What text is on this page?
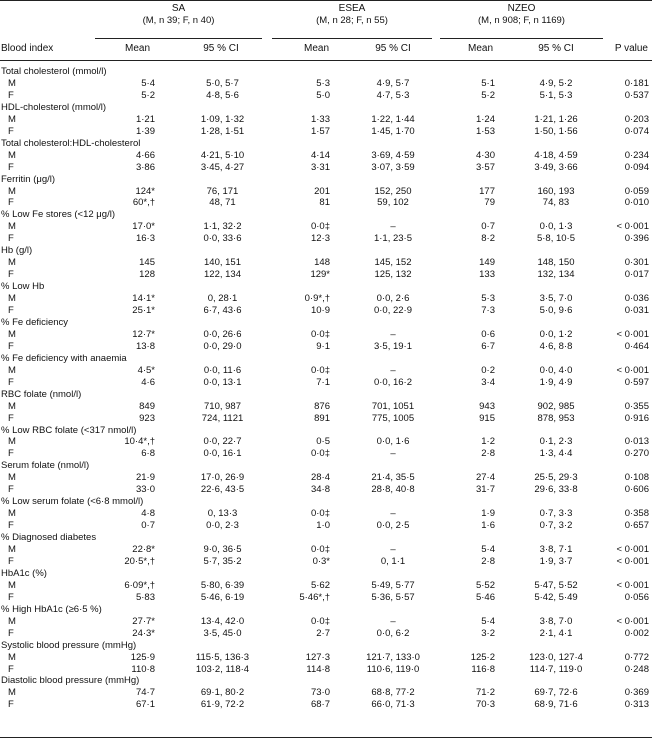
SA
(M, n 39; F, n 40)
ESEA
(M, n 28; F, n 55)
NZEO
(M, n 908; F, n 1169)
Blood index	Mean	95 % CI	Mean	95 % CI	Mean	95 % CI	P value
Total cholesterol (mmol/l)
M	5·4	5·0, 5·7	5·3	4·9, 5·7	5·1	4·9, 5·2	0·181
F	5·2	4·8, 5·6	5·0	4·7, 5·3	5·2	5·1, 5·3	0·537
HDL-cholesterol (mmol/l)
M	1·21	1·09, 1·32	1·33	1·22, 1·44	1·24	1·21, 1·26	0·203
F	1·39	1·28, 1·51	1·57	1·45, 1·70	1·53	1·50, 1·56	0·074
Total cholesterol:HDL-cholesterol
M	4·66	4·21, 5·10	4·14	3·69, 4·59	4·30	4·18, 4·59	0·234
F	3·86	3·45, 4·27	3·31	3·07, 3·59	3·57	3·49, 3·66	0·094
Ferritin (μg/l)
M	124*	76, 171	201	152, 250	177	160, 193	0·059
F	60*,†	48, 71	81	59, 102	79	74, 83	0·010
% Low Fe stores (<12 μg/l)
M	17·0*	1·1, 32·2	0·0‡	–	0·7	0·0, 1·3	< 0·001
F	16·3	0·0, 33·6	12·3	1·1, 23·5	8·2	5·8, 10·5	0·396
Hb (g/l)
M	145	140, 151	148	145, 152	149	148, 150	0·301
F	128	122, 134	129*	125, 132	133	132, 134	0·017
% Low Hb
M	14·1*	0, 28·1	0·9*,†	0·0, 2·6	5·3	3·5, 7·0	0·036
F	25·1*	6·7, 43·6	10·9	0·0, 22·9	7·3	5·0, 9·6	0·031
% Fe deficiency
M	12·7*	0·0, 26·6	0·0‡	–	0·6	0·0, 1·2	< 0·001
F	13·8	0·0, 29·0	9·1	3·5, 19·1	6·7	4·6, 8·8	0·464
% Fe deficiency with anaemia
M	4·5*	0·0, 11·6	0·0‡	–	0·2	0·0, 4·0	< 0·001
F	4·6	0·0, 13·1	7·1	0·0, 16·2	3·4	1·9, 4·9	0·597
RBC folate (nmol/l)
M	849	710, 987	876	701, 1051	943	902, 985	0·355
F	923	724, 1121	891	775, 1005	915	878, 953	0·916
% Low RBC folate (<317 nmol/l)
M	10·4*,†	0·0, 22·7	0·5	0·0, 1·6	1·2	0·1, 2·3	0·013
F	6·8	0·0, 16·1	0·0‡	–	2·8	1·3, 4·4	0·270
Serum folate (nmol/l)
M	21·9	17·0, 26·9	28·4	21·4, 35·5	27·4	25·5, 29·3	0·108
F	33·0	22·6, 43·5	34·8	28·8, 40·8	31·7	29·6, 33·8	0·606
% Low serum folate (<6·8 mmol/l)
M	4·8	0, 13·3	0·0‡	–	1·9	0·7, 3·3	0·358
F	0·7	0·0, 2·3	1·0	0·0, 2·5	1·6	0·7, 3·2	0·657
% Diagnosed diabetes
M	22·8*	9·0, 36·5	0·0‡	–	5·4	3·8, 7·1	< 0·001
F	20·5*,†	5·7, 35·2	0·3*	0, 1·1	2·8	1·9, 3·7	< 0·001
HbA1c (%)
M	6·09*,†	5·80, 6·39	5·62	5·49, 5·77	5·52	5·47, 5·52	< 0·001
F	5·83	5·46, 6·19	5·46*,†	5·36, 5·57	5·46	5·42, 5·49	0·056
% High HbA1c (≥6·5 %)
M	27·7*	13·4, 42·0	0·0‡	–	5·4	3·8, 7·0	< 0·001
F	24·3*	3·5, 45·0	2·7	0·0, 6·2	3·2	2·1, 4·1	0·002
Systolic blood pressure (mmHg)
M	125·9	115·5, 136·3	127·3	121·7, 133·0	125·2	123·0, 127·4	0·772
F	110·8	103·2, 118·4	114·8	110·6, 119·0	116·8	114·7, 119·0	0·248
Diastolic blood pressure (mmHg)
M	74·7	69·1, 80·2	73·0	68·8, 77·2	71·2	69·7, 72·6	0·369
F	67·1	61·9, 72·2	68·7	66·0, 71·3	70·3	68·9, 71·6	0·313
